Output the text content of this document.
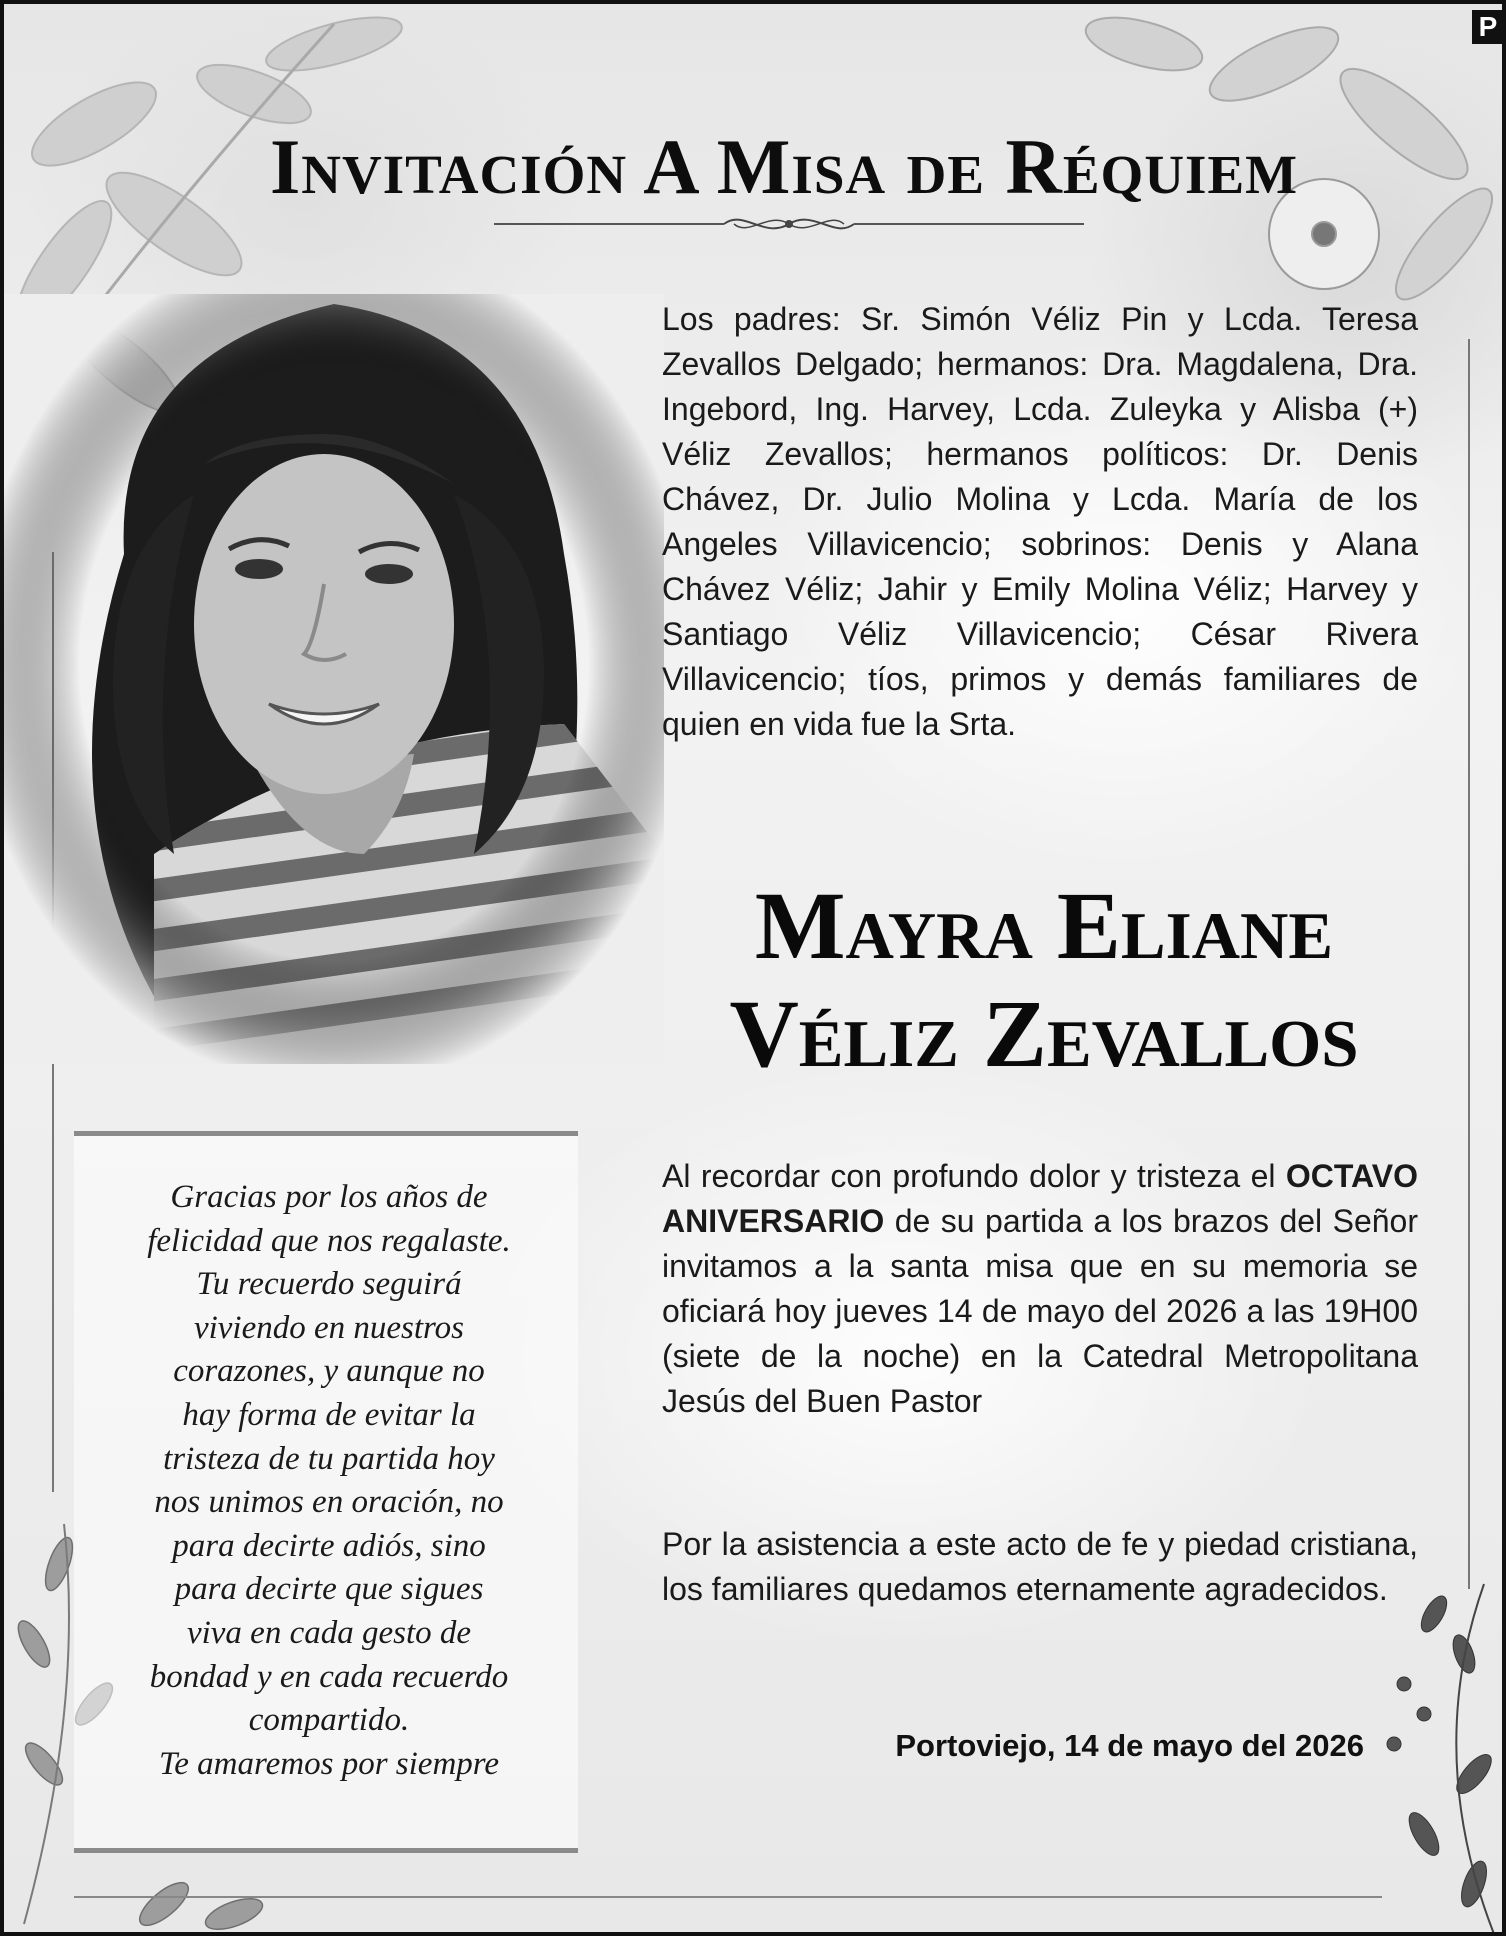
P
Invitación A Misa de Réquiem
Los padres: Sr. Simón Véliz Pin y Lcda. Teresa Zevallos Delgado; hermanos: Dra. Magdalena, Dra. Ingebord, Ing. Harvey, Lcda. Zuleyka y Alisba (+) Véliz Zevallos; hermanos políticos: Dr. Denis Chávez, Dr. Julio Molina y Lcda. María de los Angeles Villavicencio; sobrinos: Denis y Alana Chávez Véliz; Jahir y Emily Molina Véliz; Harvey y Santiago Véliz Villavicencio; César Rivera Villavicencio; tíos, primos y demás familiares de quien en vida fue la Srta.
Mayra Eliane
Véliz Zevallos
Al recordar con profundo dolor y tristeza el OCTAVO ANIVERSARIO de su partida a los brazos del Señor invitamos a la santa misa que en su memoria se oficiará hoy jueves 14 de mayo del 2026 a las 19H00 (siete de la noche) en la Catedral Metropolitana Jesús del Buen Pastor
Por la asistencia a este acto de fe y piedad cristiana, los familiares quedamos eternamente agradecidos.
Portoviejo, 14 de mayo del 2026
Gracias por los años de
felicidad que nos regalaste.
Tu recuerdo seguirá
viviendo en nuestros
corazones, y aunque no
hay forma de evitar la
tristeza de tu partida hoy
nos unimos en oración, no
para decirte adiós, sino
para decirte que sigues
viva en cada gesto de
bondad y en cada recuerdo
compartido.
Te amaremos por siempre
